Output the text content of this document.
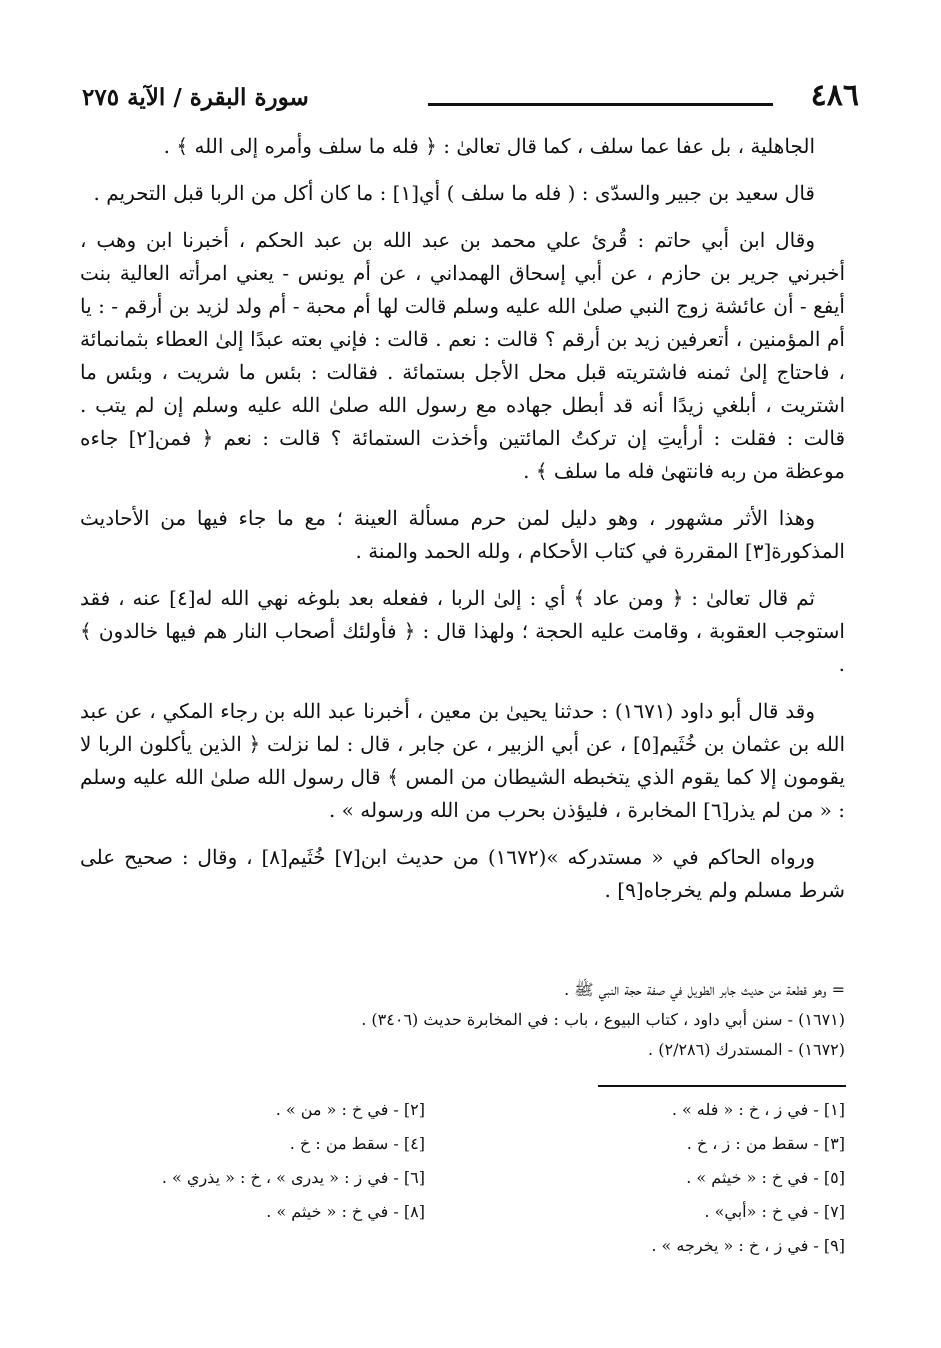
٤٨٦
سورة البقرة / الآية ٢٧٥

الجاهلية ، بل عفا عما سلف ، كما قال تعالىٰ : ﴿ فله ما سلف وأمره إلى الله ﴾ .

قال سعيد بن جبير والسدّى : ( فله ما سلف ) أي[١] : ما كان أكل من الربا قبل التحريم .

وقال ابن أبي حاتم : قُرئ علي محمد بن عبد الله بن عبد الحكم ، أخبرنا ابن وهب ، أخبرني جرير بن حازم ، عن أبي إسحاق الهمداني ، عن أم يونس - يعني امرأته العالية بنت أيفع - أن عائشة زوج النبي صلىٰ الله عليه وسلم قالت لها أم محبة - أم ولد لزيد بن أرقم - : يا أم المؤمنين ، أتعرفين زيد بن أرقم ؟ قالت : نعم . قالت : فإني بعته عبدًا إلىٰ العطاء بثمانمائة ، فاحتاج إلىٰ ثمنه فاشتريته قبل محل الأجل بستمائة . فقالت : بئس ما شريت ، وبئس ما اشتريت ، أبلغي زيدًا أنه قد أبطل جهاده مع رسول الله صلىٰ الله عليه وسلم إن لم يتب . قالت : فقلت : أرأيتِ إن تركتُ المائتين وأخذت الستمائة ؟ قالت : نعم ﴿ فمن[٢] جاءه موعظة من ربه فانتهىٰ فله ما سلف ﴾ .

وهذا الأثر مشهور ، وهو دليل لمن حرم مسألة العينة ؛ مع ما جاء فيها من الأحاديث المذكورة[٣] المقررة في كتاب الأحكام ، ولله الحمد والمنة .

ثم قال تعالىٰ : ﴿ ومن عاد ﴾ أي : إلىٰ الربا ، ففعله بعد بلوغه نهي الله له[٤] عنه ، فقد استوجب العقوبة ، وقامت عليه الحجة ؛ ولهذا قال : ﴿ فأولئك أصحاب النار هم فيها خالدون ﴾ .

وقد قال أبو داود (١٦٧١) : حدثنا يحيىٰ بن معين ، أخبرنا عبد الله بن رجاء المكي ، عن عبد الله بن عثمان بن خُثَيم[٥] ، عن أبي الزبير ، عن جابر ، قال : لما نزلت ﴿ الذين يأكلون الربا لا يقومون إلا كما يقوم الذي يتخبطه الشيطان من المس ﴾ قال رسول الله صلىٰ الله عليه وسلم : « من لم يذر[٦] المخابرة ، فليؤذن بحرب من الله ورسوله » .

ورواه الحاكم في « مستدركه »(١٦٧٢) من حديث ابن[٧] خُثَيم[٨] ، وقال : صحيح على شرط مسلم ولم يخرجاه[٩] .

= وهو قطعة من حديث جابر الطويل في صفة حجة النبي ﷺ .

(١٦٧١) - سنن أبي داود ، كتاب البيوع ، باب : في المخابرة حديث (٣٤٠٦) .

(١٦٧٢) - المستدرك (٢/٢٨٦) .

[١] - في ز ، خ : « فله » .
[٢] - في خ : « من » .
[٣] - سقط من : ز ، خ .
[٤] - سقط من : خ .
[٥] - في خ : « خيثم » .
[٦] - في ز : « يدرى » ، خ : « يذري » .
[٧] - في خ : «أبي» .
[٨] - في خ : « خيثم » .
[٩] - في ز ، خ : « يخرجه » .
